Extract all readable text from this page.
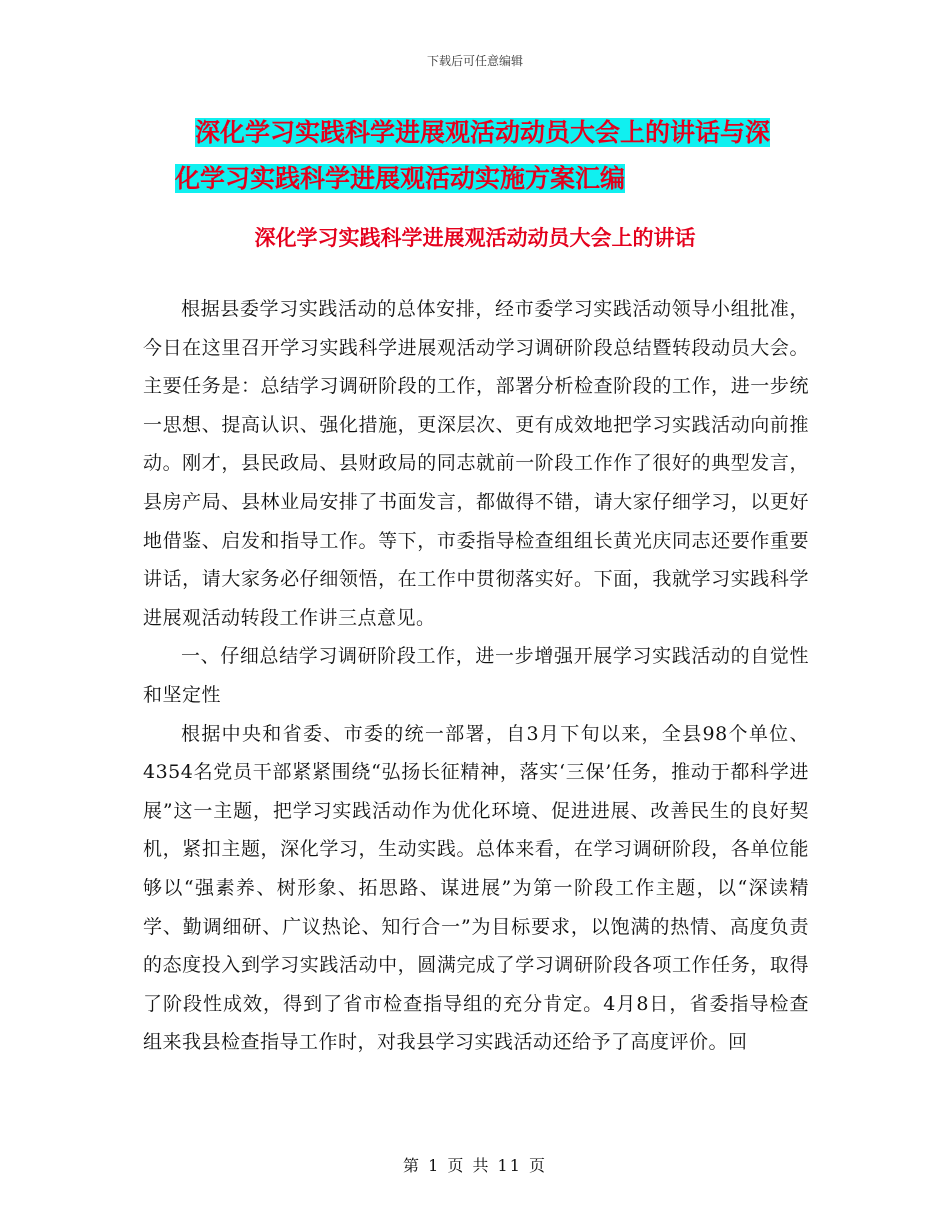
下载后可任意编辑
深化学习实践科学进展观活动动员大会上的讲话与深
化学习实践科学进展观活动实施方案汇编
深化学习实践科学进展观活动动员大会上的讲话

根据县委学习实践活动的总体安排，经市委学习实践活动领导小组批准，今日在这里召开学习实践科学进展观活动学习调研阶段总结暨转段动员大会。主要任务是：总结学习调研阶段的工作，部署分析检查阶段的工作，进一步统一思想、提高认识、强化措施，更深层次、更有成效地把学习实践活动向前推动。刚才，县民政局、县财政局的同志就前一阶段工作作了很好的典型发言，县房产局、县林业局安排了书面发言，都做得不错，请大家仔细学习，以更好地借鉴、启发和指导工作。等下，市委指导检查组组长黄光庆同志还要作重要讲话，请大家务必仔细领悟，在工作中贯彻落实好。下面，我就学习实践科学进展观活动转段工作讲三点意见。

一、仔细总结学习调研阶段工作，进一步增强开展学习实践活动的自觉性和坚定性

根据中央和省委、市委的统一部署，自3月下旬以来，全县98个单位、4354名党员干部紧紧围绕“弘扬长征精神，落实‘三保’任务，推动于都科学进展”这一主题，把学习实践活动作为优化环境、促进进展、改善民生的良好契机，紧扣主题，深化学习，生动实践。总体来看，在学习调研阶段，各单位能够以“强素养、树形象、拓思路、谋进展”为第一阶段工作主题，以“深读精学、勤调细研、广议热论、知行合一”为目标要求，以饱满的热情、高度负责的态度投入到学习实践活动中，圆满完成了学习调研阶段各项工作任务，取得了阶段性成效，得到了省市检查指导组的充分肯定。4月8日，省委指导检查组来我县检查指导工作时，对我县学习实践活动还给予了高度评价。回

第 1 页 共 11 页
